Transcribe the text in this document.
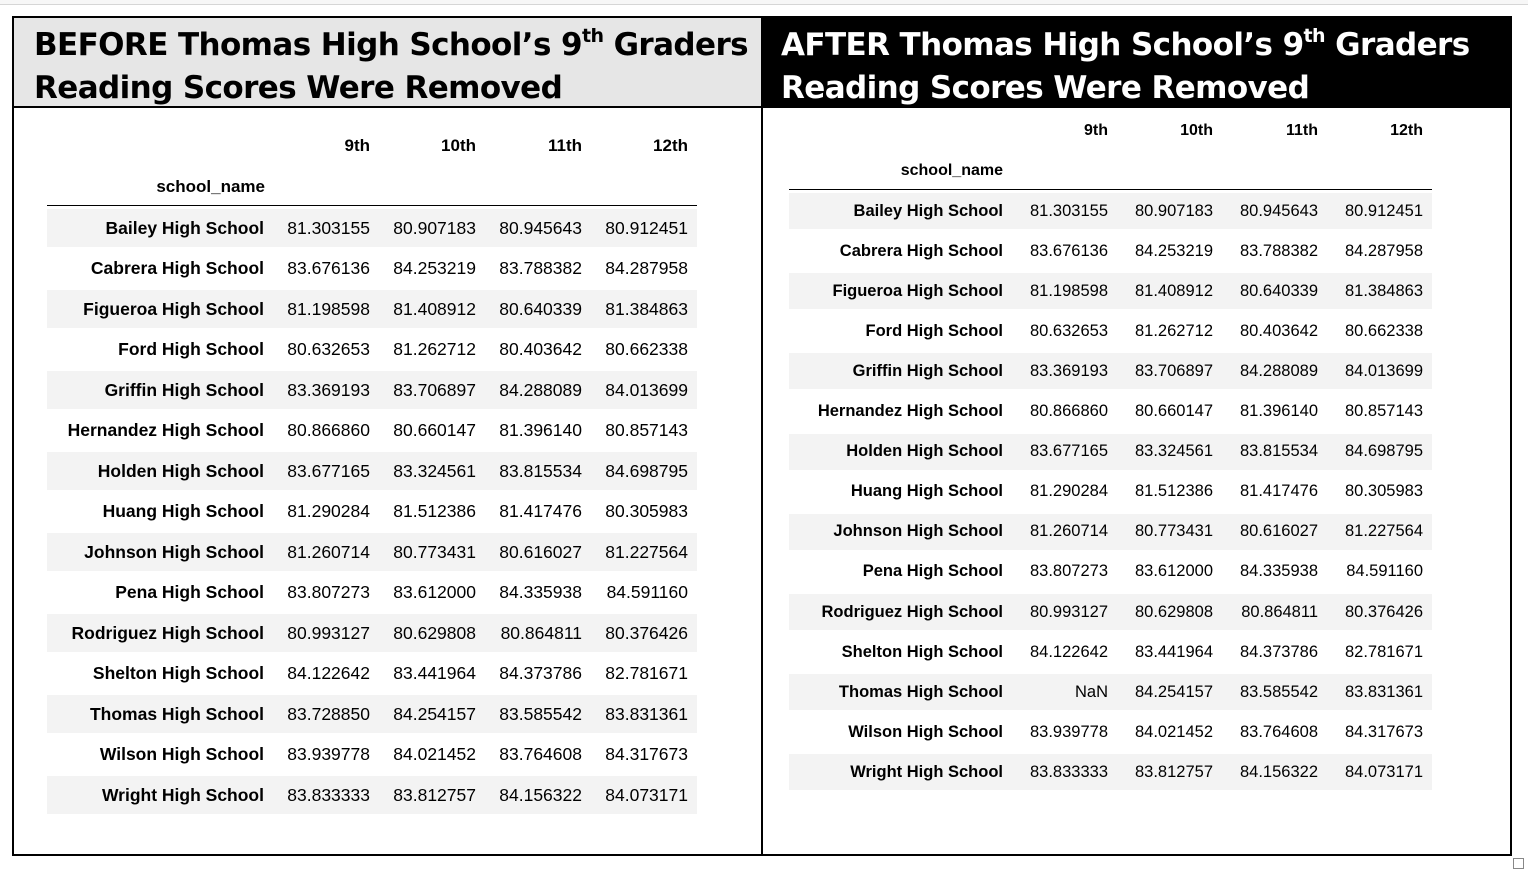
BEFORE Thomas High School’s 9th Graders
Reading Scores Were Removed
AFTER Thomas High School’s 9th Graders
Reading Scores Were Removed
9th	10th	11th	12th
school_name
Bailey High School	81.303155	80.907183	80.945643	80.912451
Cabrera High School	83.676136	84.253219	83.788382	84.287958
Figueroa High School	81.198598	81.408912	80.640339	81.384863
Ford High School	80.632653	81.262712	80.403642	80.662338
Griffin High School	83.369193	83.706897	84.288089	84.013699
Hernandez High School	80.866860	80.660147	81.396140	80.857143
Holden High School	83.677165	83.324561	83.815534	84.698795
Huang High School	81.290284	81.512386	81.417476	80.305983
Johnson High School	81.260714	80.773431	80.616027	81.227564
Pena High School	83.807273	83.612000	84.335938	84.591160
Rodriguez High School	80.993127	80.629808	80.864811	80.376426
Shelton High School	84.122642	83.441964	84.373786	82.781671
Thomas High School	83.728850	84.254157	83.585542	83.831361
Wilson High School	83.939778	84.021452	83.764608	84.317673
Wright High School	83.833333	83.812757	84.156322	84.073171
9th	10th	11th	12th
school_name
Bailey High School	81.303155	80.907183	80.945643	80.912451
Cabrera High School	83.676136	84.253219	83.788382	84.287958
Figueroa High School	81.198598	81.408912	80.640339	81.384863
Ford High School	80.632653	81.262712	80.403642	80.662338
Griffin High School	83.369193	83.706897	84.288089	84.013699
Hernandez High School	80.866860	80.660147	81.396140	80.857143
Holden High School	83.677165	83.324561	83.815534	84.698795
Huang High School	81.290284	81.512386	81.417476	80.305983
Johnson High School	81.260714	80.773431	80.616027	81.227564
Pena High School	83.807273	83.612000	84.335938	84.591160
Rodriguez High School	80.993127	80.629808	80.864811	80.376426
Shelton High School	84.122642	83.441964	84.373786	82.781671
Thomas High School	NaN	84.254157	83.585542	83.831361
Wilson High School	83.939778	84.021452	83.764608	84.317673
Wright High School	83.833333	83.812757	84.156322	84.073171
